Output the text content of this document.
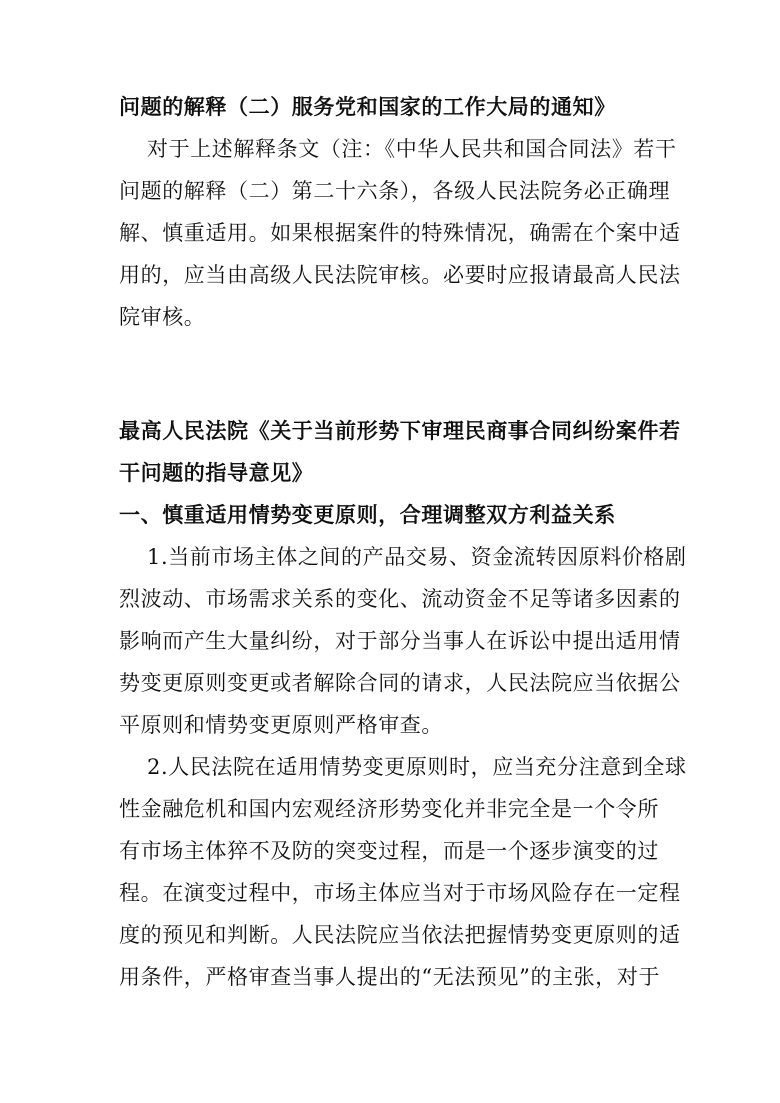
问题的解释（二）服务党和国家的工作大局的通知》
对于上述解释条文（注：《中华人民共和国合同法》若干
问题的解释（二）第二十六条），各级人民法院务必正确理
解、慎重适用。如果根据案件的特殊情况，确需在个案中适
用的，应当由高级人民法院审核。必要时应报请最高人民法
院审核。
最高人民法院《关于当前形势下审理民商事合同纠纷案件若
干问题的指导意见》
一、慎重适用情势变更原则，合理调整双方利益关系
1.当前市场主体之间的产品交易、资金流转因原料价格剧
烈波动、市场需求关系的变化、流动资金不足等诸多因素的
影响而产生大量纠纷，对于部分当事人在诉讼中提出适用情
势变更原则变更或者解除合同的请求，人民法院应当依据公
平原则和情势变更原则严格审查。
2.人民法院在适用情势变更原则时，应当充分注意到全球
性金融危机和国内宏观经济形势变化并非完全是一个令所
有市场主体猝不及防的突变过程，而是一个逐步演变的过
程。在演变过程中，市场主体应当对于市场风险存在一定程
度的预见和判断。人民法院应当依法把握情势变更原则的适
用条件，严格审查当事人提出的“无法预见”的主张，对于
